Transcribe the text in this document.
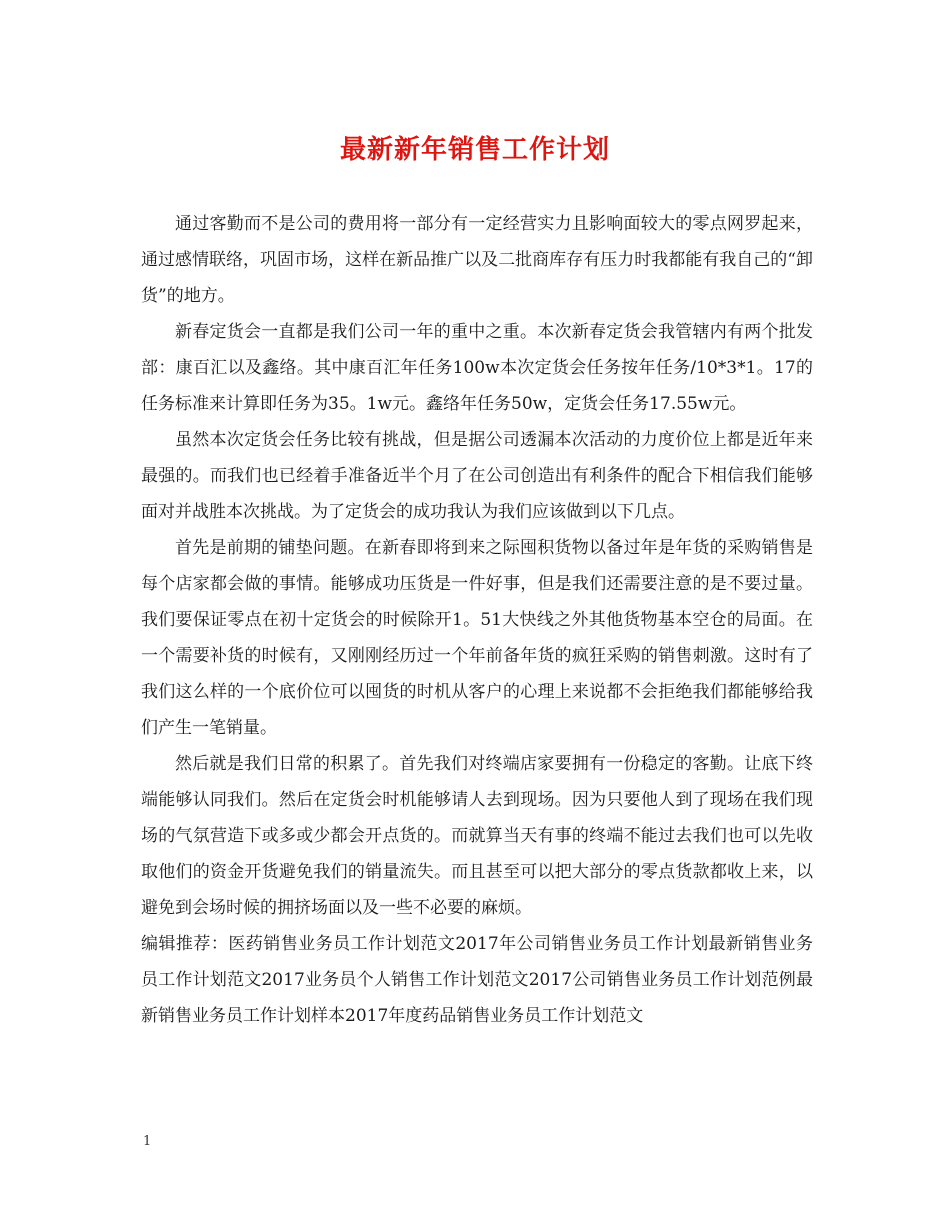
最新新年销售工作计划

通过客勤而不是公司的费用将一部分有一定经营实力且影响面较大的零点网罗起来，通过感情联络，巩固市场，这样在新品推广以及二批商库存有压力时我都能有我自己的“卸货”的地方。

新春定货会一直都是我们公司一年的重中之重。本次新春定货会我管辖内有两个批发部：康百汇以及鑫络。其中康百汇年任务100w本次定货会任务按年任务/10*3*1。17的任务标准来计算即任务为35。1w元。鑫络年任务50w，定货会任务17.55w元。

虽然本次定货会任务比较有挑战，但是据公司透漏本次活动的力度价位上都是近年来最强的。而我们也已经着手准备近半个月了在公司创造出有利条件的配合下相信我们能够面对并战胜本次挑战。为了定货会的成功我认为我们应该做到以下几点。

首先是前期的铺垫问题。在新春即将到来之际囤积货物以备过年是年货的采购销售是每个店家都会做的事情。能够成功压货是一件好事，但是我们还需要注意的是不要过量。我们要保证零点在初十定货会的时候除开1。51大快线之外其他货物基本空仓的局面。在一个需要补货的时候有，又刚刚经历过一个年前备年货的疯狂采购的销售刺激。这时有了我们这么样的一个底价位可以囤货的时机从客户的心理上来说都不会拒绝我们都能够给我们产生一笔销量。

然后就是我们日常的积累了。首先我们对终端店家要拥有一份稳定的客勤。让底下终端能够认同我们。然后在定货会时机能够请人去到现场。因为只要他人到了现场在我们现场的气氛营造下或多或少都会开点货的。而就算当天有事的终端不能过去我们也可以先收取他们的资金开货避免我们的销量流失。而且甚至可以把大部分的零点货款都收上来，以避免到会场时候的拥挤场面以及一些不必要的麻烦。

编辑推荐：医药销售业务员工作计划范文2017年公司销售业务员工作计划最新销售业务员工作计划范文2017业务员个人销售工作计划范文2017公司销售业务员工作计划范例最新销售业务员工作计划样本2017年度药品销售业务员工作计划范文

1
